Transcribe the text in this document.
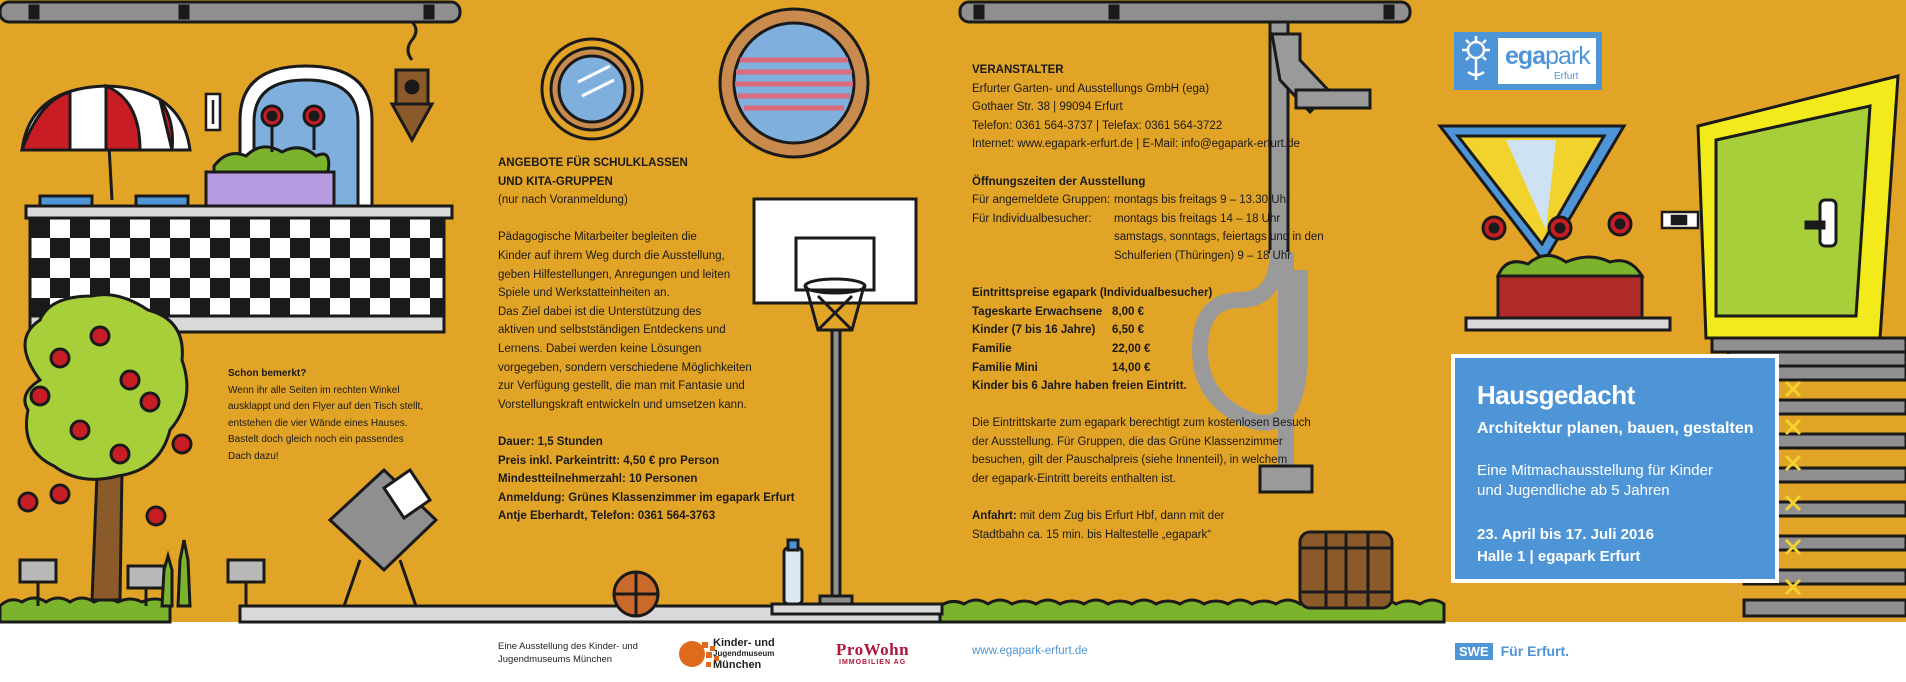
Schon bemerkt?
Wenn ihr alle Seiten im rechten Winkel
ausklappt und den Flyer auf den Tisch stellt,
entstehen die vier Wände eines Hauses.
Bastelt doch gleich noch ein passendes
Dach dazu!
ANGEBOTE FÜR SCHULKLASSEN
UND KITA-GRUPPEN
(nur nach Voranmeldung)
Pädagogische Mitarbeiter begleiten die
Kinder auf ihrem Weg durch die Ausstellung,
geben Hilfestellungen, Anregungen und leiten
Spiele und Werkstatteinheiten an.
Das Ziel dabei ist die Unterstützung des
aktiven und selbstständigen Entdeckens und
Lernens. Dabei werden keine Lösungen
vorgegeben, sondern verschiedene Möglichkeiten
zur Verfügung gestellt, die man mit Fantasie und
Vorstellungskraft entwickeln und umsetzen kann.
Dauer: 1,5 Stunden
Preis inkl. Parkeintritt: 4,50 € pro Person
Mindestteilnehmerzahl: 10 Personen
Anmeldung: Grünes Klassenzimmer im egapark Erfurt
Antje Eberhardt, Telefon: 0361 564-3763
VERANSTALTER
Erfurter Garten- und Ausstellungs GmbH (ega)
Gothaer Str. 38 | 99094 Erfurt
Telefon: 0361 564-3737 | Telefax: 0361 564-3722
Internet: www.egapark-erfurt.de | E-Mail: info@egapark-erfurt.de
Öffnungszeiten der Ausstellung
Für angemeldete Gruppen: montags bis freitags 9 – 13.30 Uhr
Für Individualbesucher:	montags bis freitags 14 – 18 Uhr
samstags, sonntags, feiertags und in den
Schulferien (Thüringen) 9 – 18 Uhr
Eintrittspreise egapark (Individualbesucher)
Tageskarte Erwachsene 8,00 €
Kinder (7 bis 16 Jahre)	6,50 €
Familie	22,00 €
Familie Mini	14,00 €
Kinder bis 6 Jahre haben freien Eintritt.
Die Eintrittskarte zum egapark berechtigt zum kostenlosen Besuch
der Ausstellung. Für Gruppen, die das Grüne Klassenzimmer
besuchen, gilt der Pauschalpreis (siehe Innenteil), in welchem
der egapark-Eintritt bereits enthalten ist.
Anfahrt: mit dem Zug bis Erfurt Hbf, dann mit der
Stadtbahn ca. 15 min. bis Haltestelle „egapark“
egapark
Erfurt
Hausgedacht
Architektur planen, bauen, gestalten
Eine Mitmachausstellung für Kinder
und Jugendliche ab 5 Jahren
23. April bis 17. Juli 2016
Halle 1 | egapark Erfurt
Eine Ausstellung des Kinder- und
Jugendmuseums München
Kinder- und
Jugendmuseum
München
ProWohn
IMMOBILIEN AG
www.egapark-erfurt.de	SWE Für Erfurt.
